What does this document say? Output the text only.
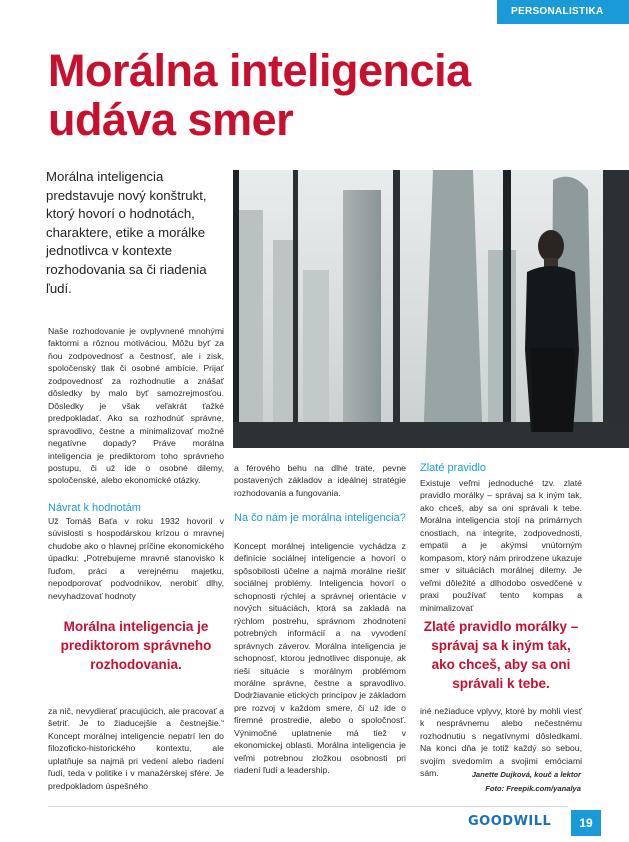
PERSONALISTIKA
Morálna inteligencia
udáva smer

Morálna inteligencia predstavuje nový konštrukt, ktorý hovorí o hodnotách, charaktere, etike a morálke jednotlivca v kontexte rozhodovania sa či riadenia ľudí.

Naše rozhodovanie je ovplyvnené mnohými faktormi a rôznou motiváciou. Môžu byť za ňou zodpovednosť a čestnosť, ale i zisk, spoločenský tlak či osobné ambície. Prijať zodpovednosť za rozhodnutie a znášať dôsledky by malo byť samozrejmosťou. Dôsledky je však veľakrát ťažké predpokladať. Ako sa rozhodnúť správne, spravodlivo, čestne a minimalizovať možné negatívne dopady? Práve morálna inteligencia je prediktorom toho správneho postupu, či už ide o osobné dilemy, spoločenské, alebo ekonomické otázky.

Návrat k hodnotám

Už Tomáš Baťa v roku 1932 hovoril v súvislosti s hospodárskou krízou o mravnej chudobe ako o hlavnej príčine ekonomického úpadku: „Potrebujeme mravné stanovisko k ľuďom, práci a verejnému majetku, nepodporovať podvodníkov, nerobiť dlhy, nevyhadzovať hodnoty

Morálna inteligencia je prediktorom správneho rozhodovania.

za nič, nevydierať pracujúcich, ale pracovať a šetriť. Je to žiaducejšie a čestnejšie.“ Koncept morálnej inteligencie nepatrí len do filozoficko-historického kontextu, ale uplatňuje sa najmä pri vedení alebo riadení ľudí, teda v politike i v manažérskej sfére. Je predpokladom úspešného

a férového behu na dlhé trate, pevne postavených základov a ideálnej stratégie rozhodovania a fungovania.

Na čo nám je morálna inteligencia?

Koncept morálnej inteligencie vychádza z definície sociálnej inteligencie a hovorí o spôsobilosti účelne a najmä morálne riešiť sociálnej problémy. Inteligencia hovorí o schopnosti rýchlej a správnej orientácie v nových situáciách, ktorá sa zakladá na rýchlom postrehu, správnom zhodnotení potrebných informácií a na vyvodení správnych záverov. Morálna inteligencia je schopnosť, ktorou jednotlivec disponuje, ak rieši situácie s morálnym problémom morálne správne, čestne a spravodlivo. Dodržiavanie etických princípov je základom pre rozvoj v každom smere, či už ide o firemné prostredie, alebo o spoločnosť. Výnimočné uplatnenie má tiež v ekonomickej oblasti. Morálna inteligencia je veľmi potrebnou zložkou osobnosti pri riadení ľudí a leadership.

Zlaté pravidlo

Existuje veľmi jednoduché tzv. zlaté pravidlo morálky – správaj sa k iným tak, ako chceš, aby sa oni správali k tebe. Morálna inteligencia stojí na primárnych cnostiach, na integrite, zodpovednosti, empatii a je akýmsi vnútorným kompasom, ktorý nám prirodzene ukazuje smer v situáciách morálnej dilemy. Je veľmi dôležité a dlhodobo osvedčené v praxi používať tento kompas a minimalizovať

Zlaté pravidlo morálky – správaj sa k iným tak, ako chceš, aby sa oni správali k tebe.

iné nežiaduce vplyvy, ktoré by mohli viesť k nesprávnemu alebo nečestnému rozhodnutiu s negatívnymi dôsledkami. Na konci dňa je totiž každý so sebou, svojím svedomím a svojimi emóciami sám.	Janette Dujková, kouč a lektor
Foto: Freepik.com/yanalya
GOODWILL	19
